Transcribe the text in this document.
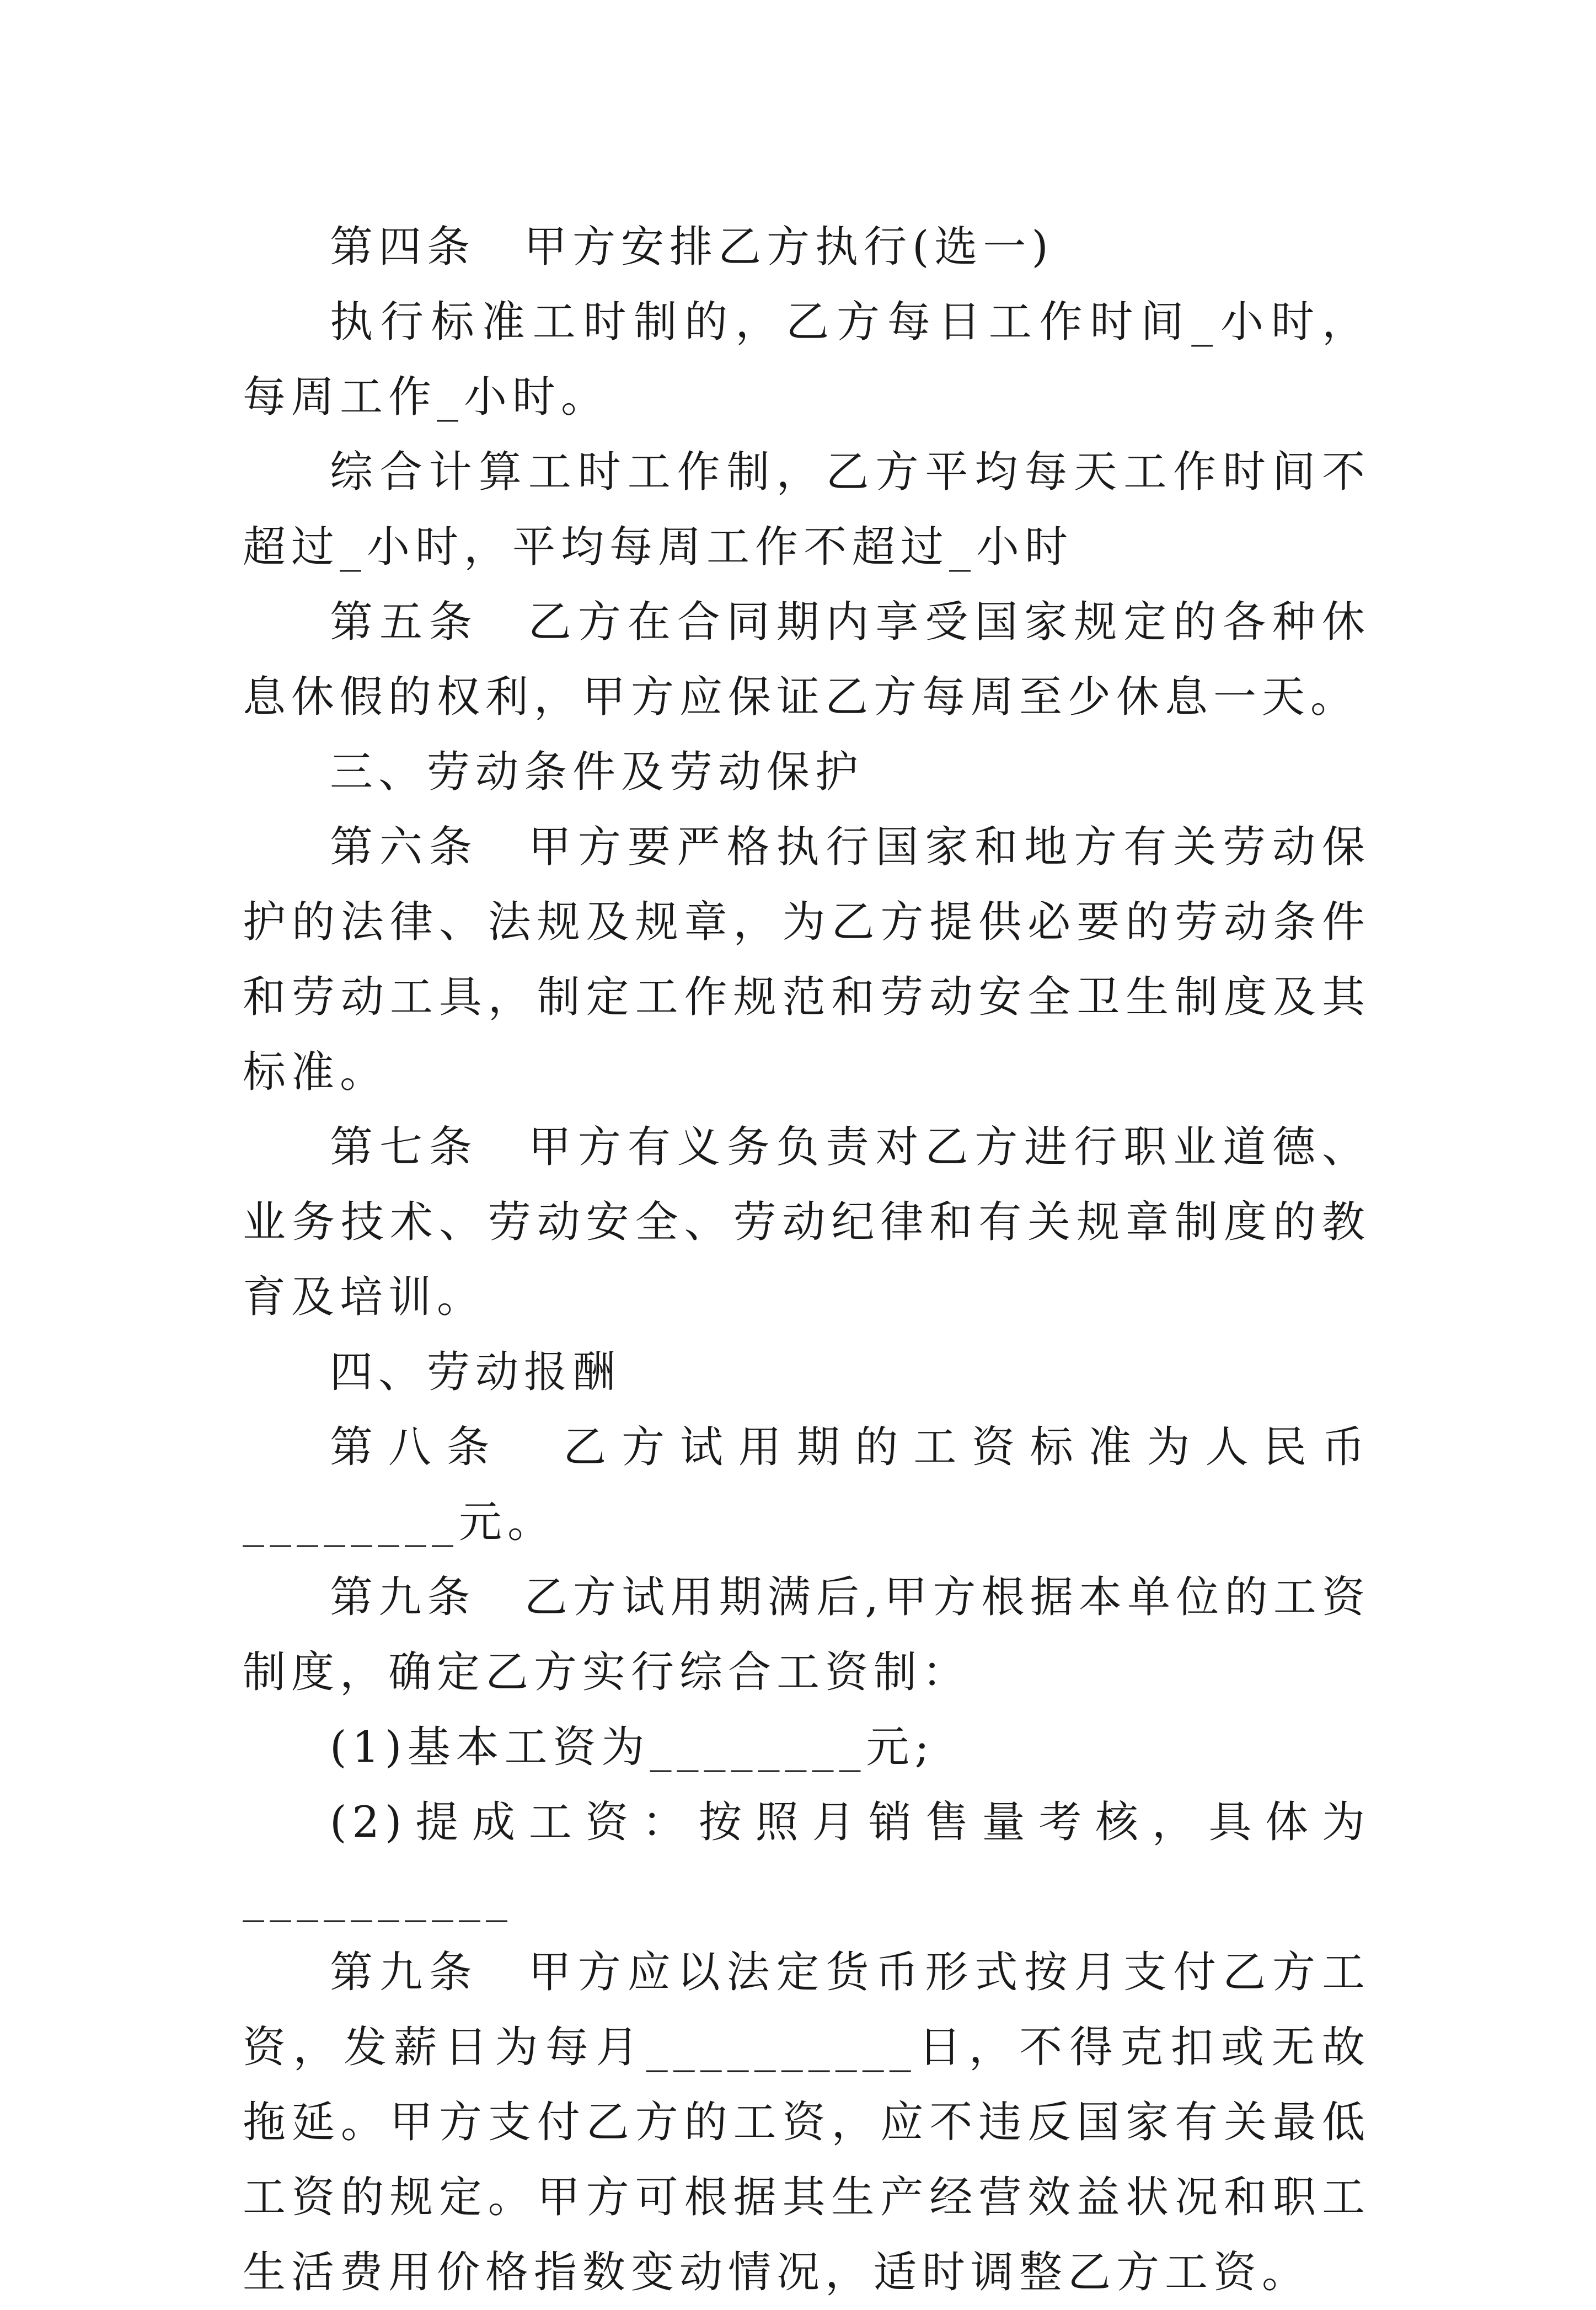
第四条　甲方安排乙方执行(选一)

执行标准工时制的，乙方每日工作时间_小时，每周工作_小时。

综合计算工时工作制，乙方平均每天工作时间不超过_小时，平均每周工作不超过_小时

第五条　乙方在合同期内享受国家规定的各种休息休假的权利，甲方应保证乙方每周至少休息一天。

三、劳动条件及劳动保护

第六条　甲方要严格执行国家和地方有关劳动保护的法律、法规及规章，为乙方提供必要的劳动条件和劳动工具，制定工作规范和劳动安全卫生制度及其标准。

第七条　甲方有义务负责对乙方进行职业道德、业务技术、劳动安全、劳动纪律和有关规章制度的教育及培训。

四、劳动报酬

第八条　乙方试用期的工资标准为人民币________元。

第九条　乙方试用期满后,甲方根据本单位的工资制度，确定乙方实行综合工资制：

(1)基本工资为________元;

(2)提成工资：按照月销售量考核，具体为__________

第九条　甲方应以法定货币形式按月支付乙方工资，发薪日为每月__________日，不得克扣或无故拖延。甲方支付乙方的工资，应不违反国家有关最低工资的规定。甲方可根据其生产经营效益状况和职工生活费用价格指数变动情况，适时调整乙方工资。
